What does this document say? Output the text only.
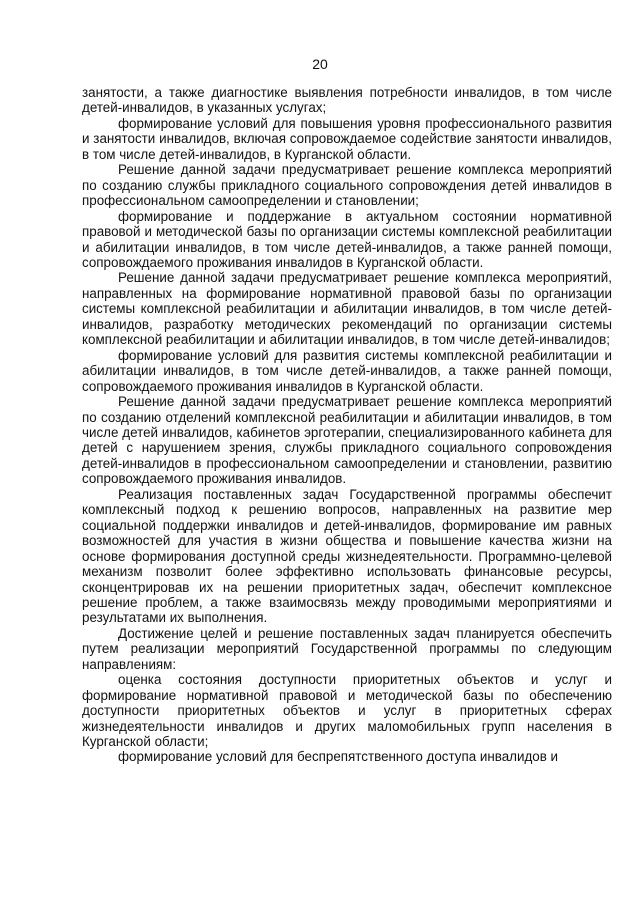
20

занятости, а также диагностике выявления потребности инвалидов, в том числе детей-инвалидов, в указанных услугах;

формирование условий для повышения уровня профессионального развития и занятости инвалидов, включая сопровождаемое содействие занятости инвалидов, в том числе детей-инвалидов, в Курганской области.

Решение данной задачи предусматривает решение комплекса мероприятий по созданию службы прикладного социального сопровождения детей инвалидов в профессиональном самоопределении и становлении;

формирование и поддержание в актуальном состоянии нормативной правовой и методической базы по организации системы комплексной реабилитации и абилитации инвалидов, в том числе детей-инвалидов, а также ранней помощи, сопровождаемого проживания инвалидов в Курганской области.

Решение данной задачи предусматривает решение комплекса мероприятий, направленных на формирование нормативной правовой базы по организации системы комплексной реабилитации и абилитации инвалидов, в том числе детей-инвалидов, разработку методических рекомендаций по организации системы комплексной реабилитации и абилитации инвалидов, в том числе детей-инвалидов;

формирование условий для развития системы комплексной реабилитации и абилитации инвалидов, в том числе детей-инвалидов, а также ранней помощи, сопровождаемого проживания инвалидов в Курганской области.

Решение данной задачи предусматривает решение комплекса мероприятий по созданию отделений комплексной реабилитации и абилитации инвалидов, в том числе детей инвалидов, кабинетов эрготерапии, специализированного кабинета для детей с нарушением зрения, службы прикладного социального сопровождения детей-инвалидов в профессиональном самоопределении и становлении, развитию сопровождаемого проживания инвалидов.

Реализация поставленных задач Государственной программы обеспечит комплексный подход к решению вопросов, направленных на развитие мер социальной поддержки инвалидов и детей-инвалидов, формирование им равных возможностей для участия в жизни общества и повышение качества жизни на основе формирования доступной среды жизнедеятельности. Программно-целевой механизм позволит более эффективно использовать финансовые ресурсы, сконцентрировав их на решении приоритетных задач, обеспечит комплексное решение проблем, а также взаимосвязь между проводимыми мероприятиями и результатами их выполнения.

Достижение целей и решение поставленных задач планируется обеспечить путем реализации мероприятий Государственной программы по следующим направлениям:

оценка состояния доступности приоритетных объектов и услуг и формирование нормативной правовой и методической базы по обеспечению доступности приоритетных объектов и услуг в приоритетных сферах жизнедеятельности инвалидов и других маломобильных групп населения в Курганской области;

формирование условий для беспрепятственного доступа инвалидов и
